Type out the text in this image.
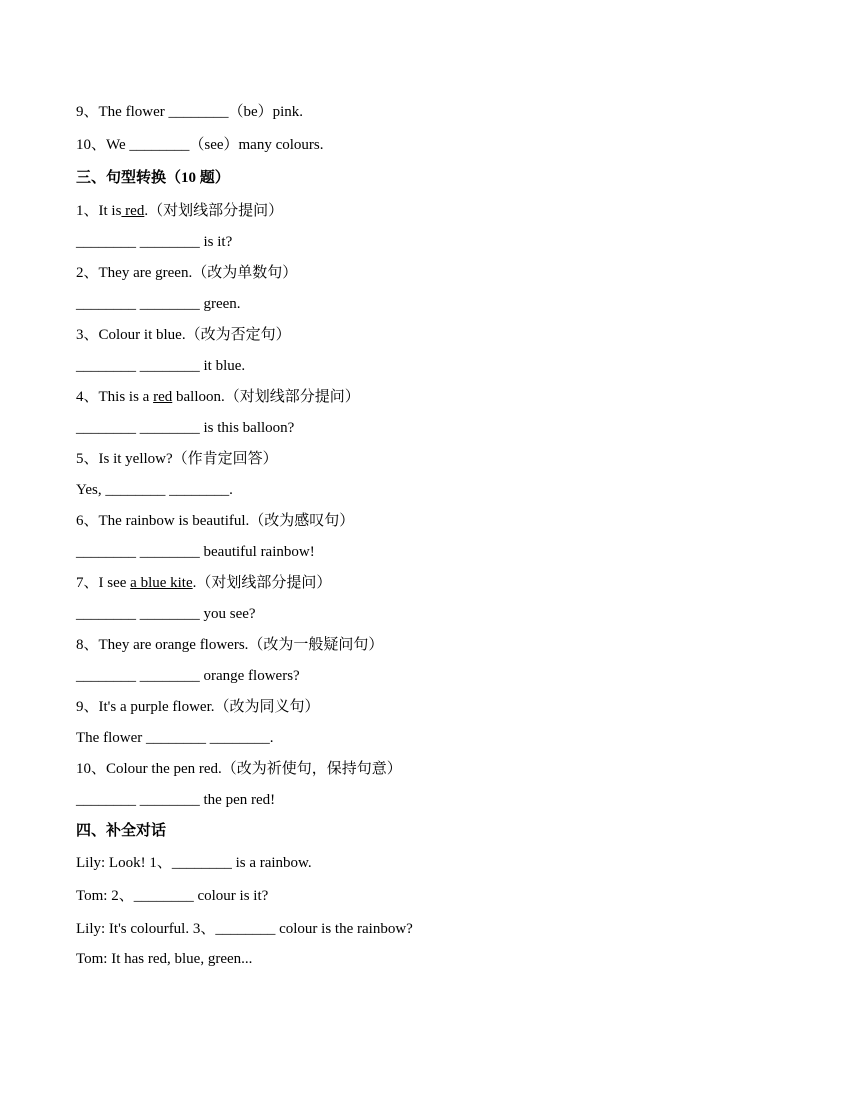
9、The flower ________（be）pink.
10、We ________（see）many colours.
三、句型转换（10 题）
1、It is red.（对划线部分提问）
________ ________ is it?
2、They are green.（改为单数句）
________ ________ green.
3、Colour it blue.（改为否定句）
________ ________ it blue.
4、This is a red balloon.（对划线部分提问）
________ ________ is this balloon?
5、Is it yellow?（作肯定回答）
Yes, ________ ________.
6、The rainbow is beautiful.（改为感叹句）
________ ________ beautiful rainbow!
7、I see a blue kite.（对划线部分提问）
________ ________ you see?
8、They are orange flowers.（改为一般疑问句）
________ ________ orange flowers?
9、It's a purple flower.（改为同义句）
The flower ________ ________.
10、Colour the pen red.（改为祈使句，保持句意）
________ ________ the pen red!
四、补全对话
Lily: Look! 1、________ is a rainbow.
Tom: 2、________ colour is it?
Lily: It's colourful. 3、________ colour is the rainbow?
Tom: It has red, blue, green...
